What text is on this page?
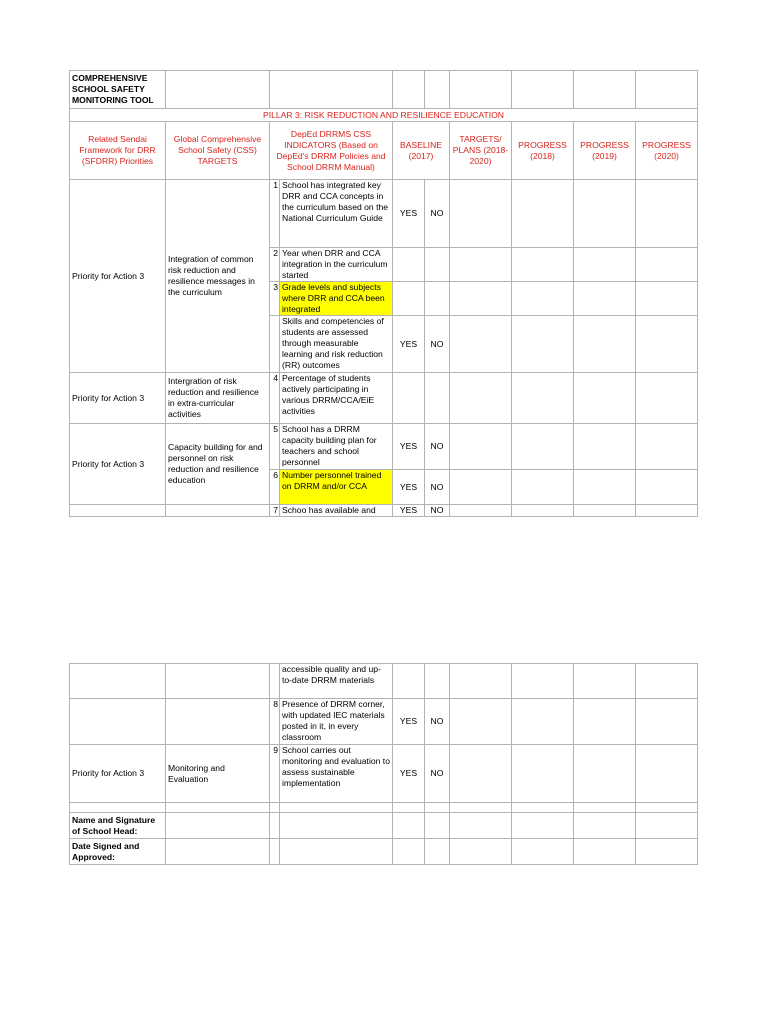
COMPREHENSIVE SCHOOL SAFETY MONITORING TOOL									
PILLAR 3: RISK REDUCTION AND RESILIENCE EDUCATION									
Related Sendai Framework for DRR (SFDRR) Priorities	Global Comprehensive School Safety (CSS) TARGETS	DepEd DRRMS CSS INDICATORS (Based on DepEd's DRRM Policies and School DRRM Manual)		BASELINE (2017)		TARGETS/ PLANS (2018-2020)	PROGRESS (2018)	PROGRESS (2019)	PROGRESS (2020)
Priority for Action 3	Integration of common risk reduction and resilience messages in the curriculum	1	School has integrated key DRR and CCA concepts in the curriculum based on the National Curriculum Guide	YES	NO				
		2	Year when DRR and CCA integration in the curriculum started						
		3	Grade levels and subjects where DRR and CCA been integrated						
			Skills and competencies of students are assessed through measurable learning and risk reduction (RR) outcomes	YES	NO				
Priority for Action 3	Intergration of risk reduction and resilience in extra-curricular activities	4	Percentage of students actively participating in various DRRM/CCA/EiE activities						
Priority for Action 3	Capacity building for and personnel on risk reduction and resilience education	5	School has a DRRM capacity building plan for teachers and school personnel	YES	NO				
		6	Number personnel trained on DRRM and/or CCA	YES	NO				
		7	Schoo has available and	YES	NO				
			accessible quality and up-to-date DRRM materials						
		8	Presence of DRRM corner, with updated IEC materials posted in it, in every classroom	YES	NO				
Priority for Action 3	Monitoring and Evaluation	9	School carries out monitoring and evaluation to assess sustainable implementation	YES	NO				

Name and Signature of School Head:									
Date Signed and Approved:									
